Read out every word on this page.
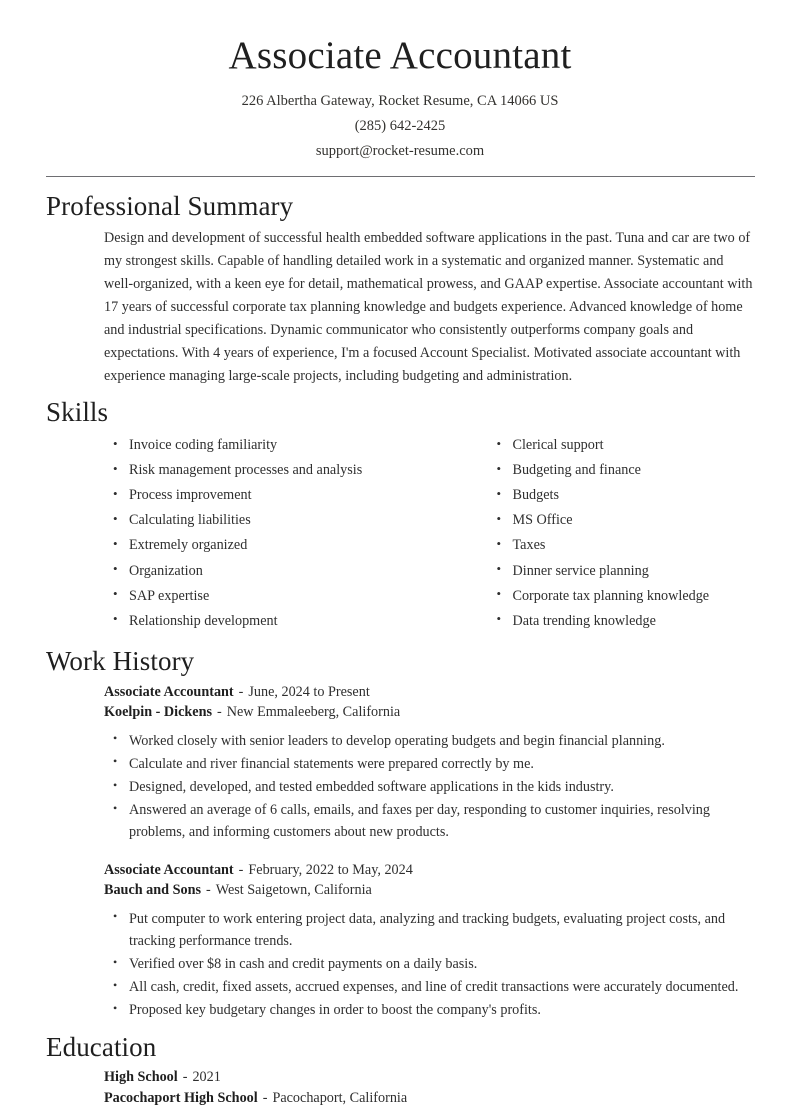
Associate Accountant
226 Albertha Gateway, Rocket Resume, CA 14066 US
(285) 642-2425
support@rocket-resume.com
Professional Summary

Design and development of successful health embedded software applications in the past. Tuna and car are two of my strongest skills. Capable of handling detailed work in a systematic and organized manner. Systematic and well-organized, with a keen eye for detail, mathematical prowess, and GAAP expertise. Associate accountant with 17 years of successful corporate tax planning knowledge and budgets experience. Advanced knowledge of home and industrial specifications. Dynamic communicator who consistently outperforms company goals and expectations. With 4 years of experience, I'm a focused Account Specialist. Motivated associate accountant with experience managing large-scale projects, including budgeting and administration.

Skills
• Invoice coding familiarity
• Risk management processes and analysis
• Process improvement
• Calculating liabilities
• Extremely organized
• Organization
• SAP expertise
• Relationship development
• Clerical support
• Budgeting and finance
• Budgets
• MS Office
• Taxes
• Dinner service planning
• Corporate tax planning knowledge
• Data trending knowledge
Work History
Associate Accountant - June, 2024 to Present
Koelpin - Dickens - New Emmaleeberg, California
• Worked closely with senior leaders to develop operating budgets and begin financial planning.
• Calculate and river financial statements were prepared correctly by me.
• Designed, developed, and tested embedded software applications in the kids industry.
• Answered an average of 6 calls, emails, and faxes per day, responding to customer inquiries, resolving problems, and informing customers about new products.
Associate Accountant - February, 2022 to May, 2024
Bauch and Sons - West Saigetown, California
• Put computer to work entering project data, analyzing and tracking budgets, evaluating project costs, and tracking performance trends.
• Verified over $8 in cash and credit payments on a daily basis.
• All cash, credit, fixed assets, accrued expenses, and line of credit transactions were accurately documented.
• Proposed key budgetary changes in order to boost the company's profits.
Education
High School - 2021
Pacochaport High School - Pacochaport, California
